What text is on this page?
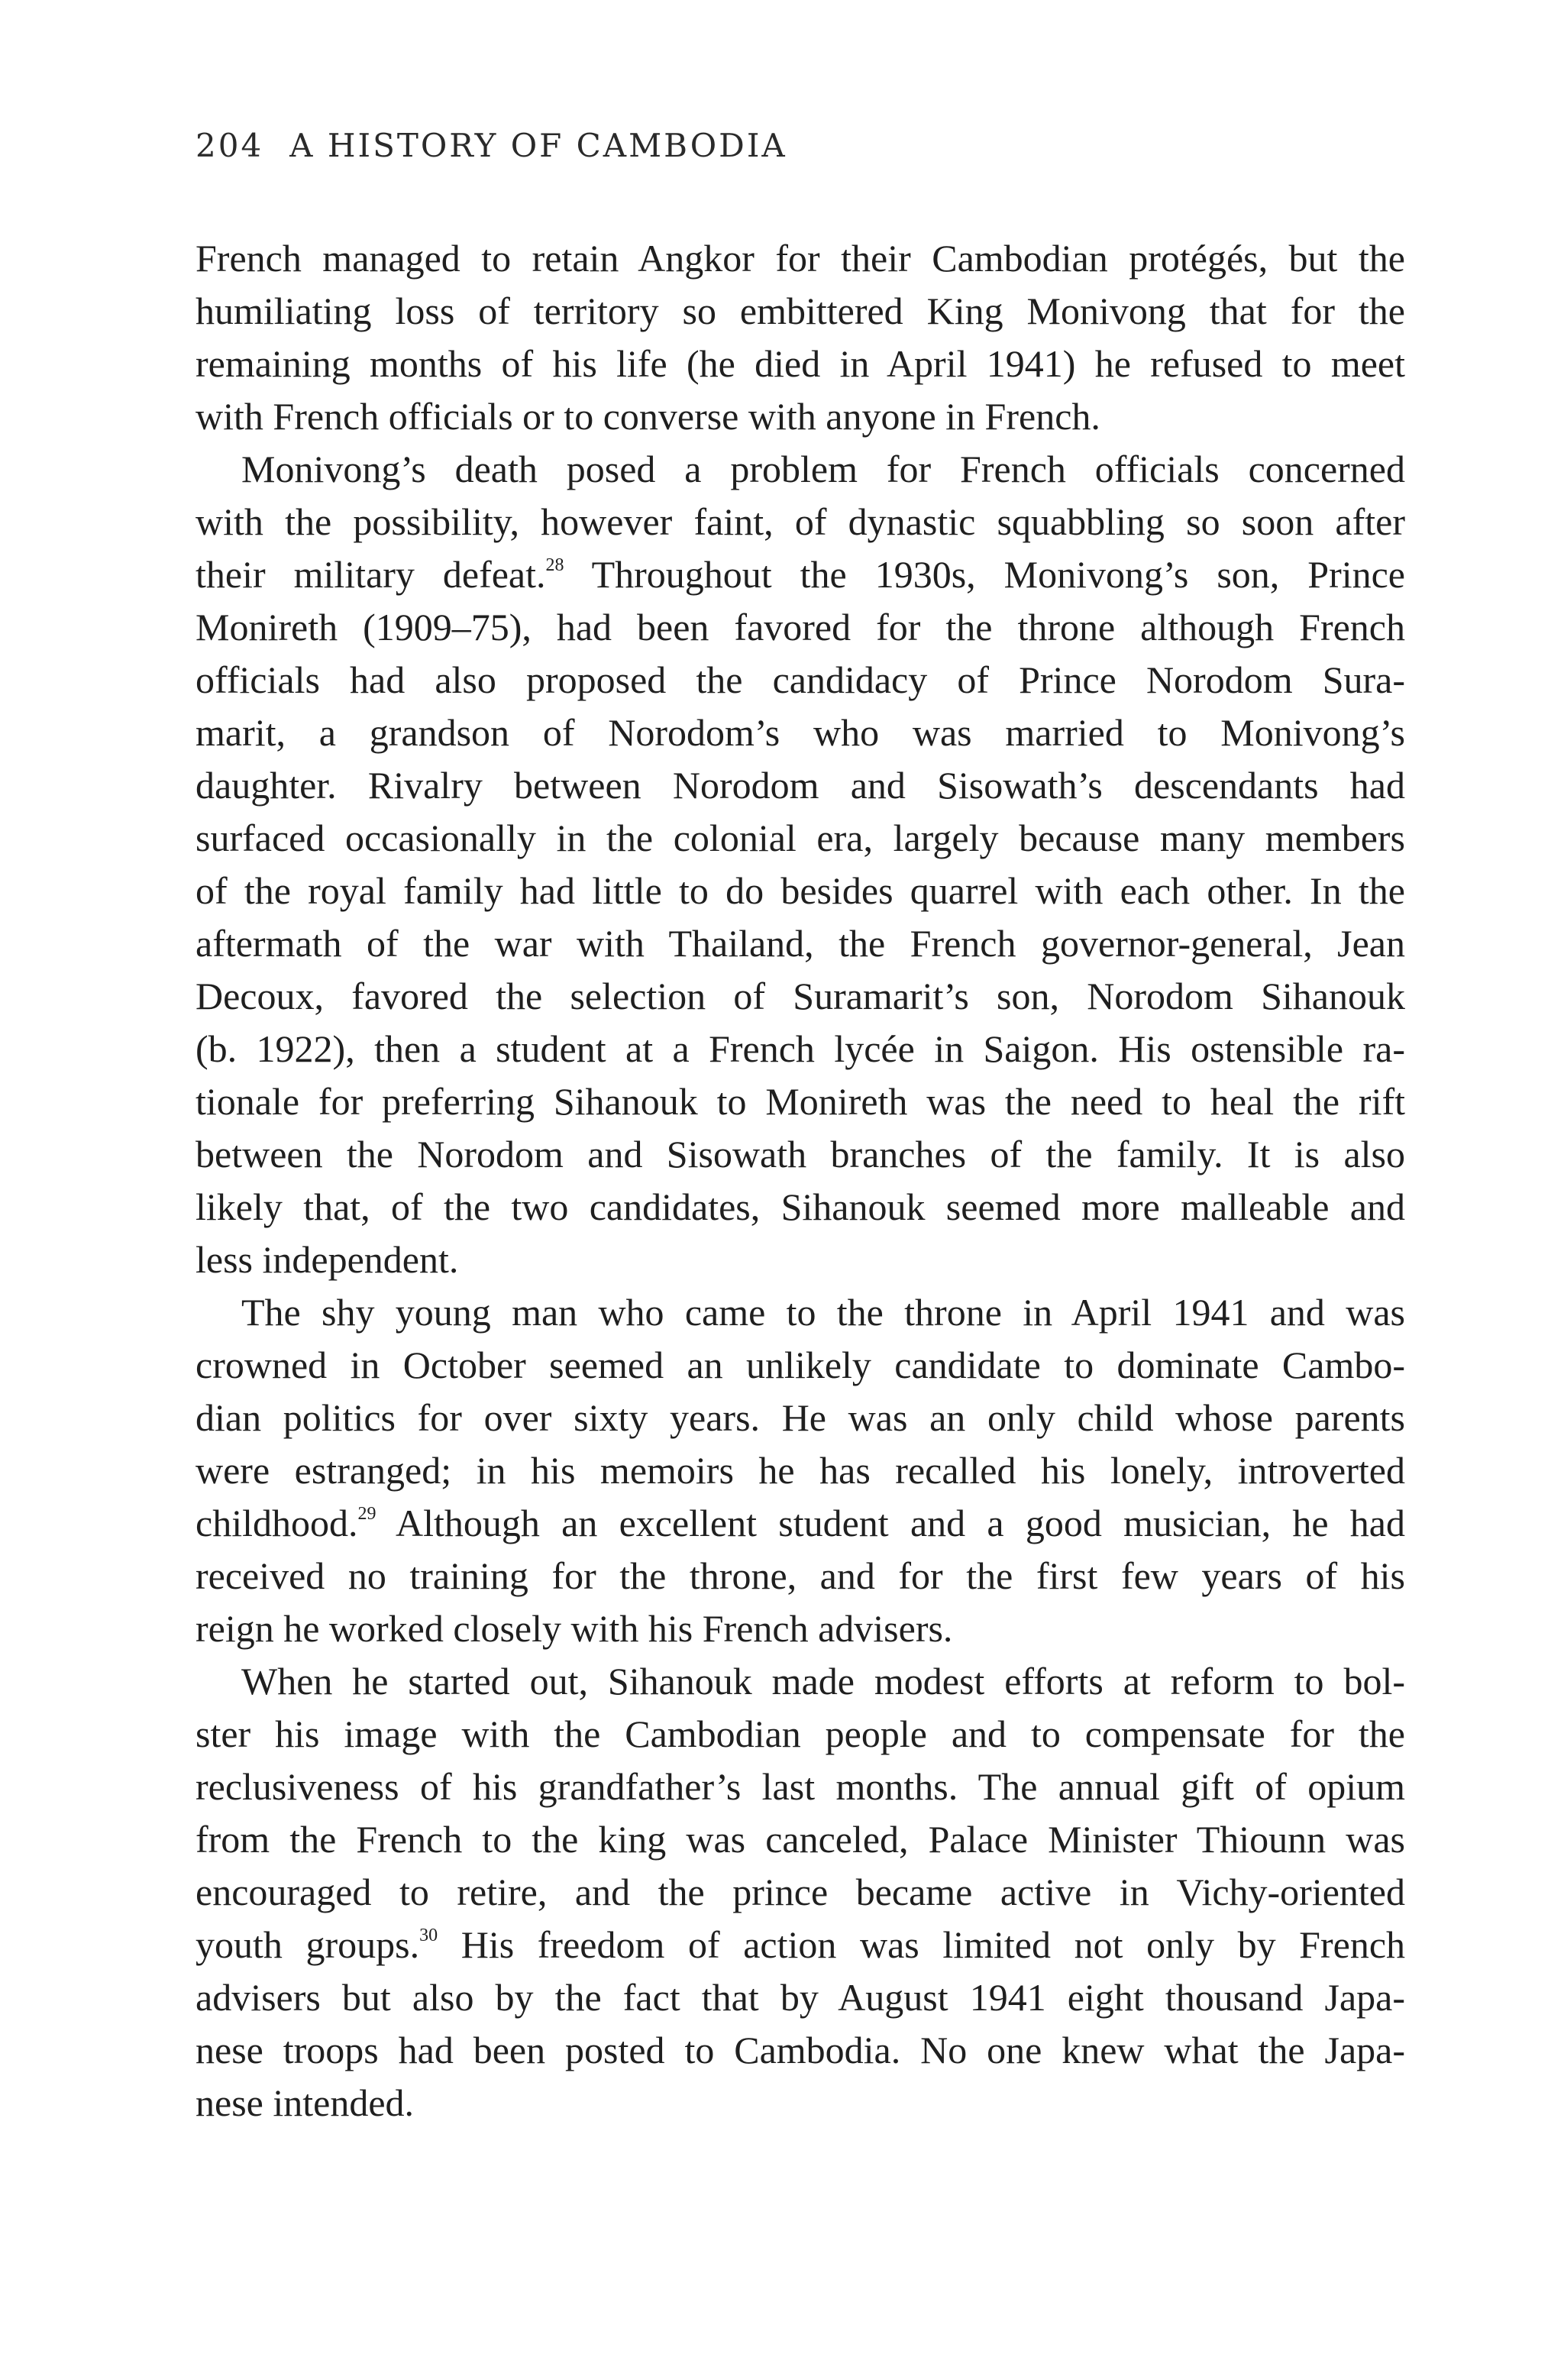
204 A HISTORY OF CAMBODIA
French managed to retain Angkor for their Cambodian protégés, but the
humiliating loss of territory so embittered King Monivong that for the
remaining months of his life (he died in April 1941) he refused to meet
with French officials or to converse with anyone in French.
Monivong’s death posed a problem for French officials concerned
with the possibility, however faint, of dynastic squabbling so soon after
their military defeat.$^{28}$ Throughout the 1930s, Monivong’s son, Prince
Monireth (1909–75), had been favored for the throne although French
officials had also proposed the candidacy of Prince Norodom Sura-
marit, a grandson of Norodom’s who was married to Monivong’s
daughter. Rivalry between Norodom and Sisowath’s descendants had
surfaced occasionally in the colonial era, largely because many members
of the royal family had little to do besides quarrel with each other. In the
aftermath of the war with Thailand, the French governor-general, Jean
Decoux, favored the selection of Suramarit’s son, Norodom Sihanouk
(b. 1922), then a student at a French lycée in Saigon. His ostensible ra-
tionale for preferring Sihanouk to Monireth was the need to heal the rift
between the Norodom and Sisowath branches of the family. It is also
likely that, of the two candidates, Sihanouk seemed more malleable and
less independent.
The shy young man who came to the throne in April 1941 and was
crowned in October seemed an unlikely candidate to dominate Cambo-
dian politics for over sixty years. He was an only child whose parents
were estranged; in his memoirs he has recalled his lonely, introverted
childhood.$^{29}$ Although an excellent student and a good musician, he had
received no training for the throne, and for the first few years of his
reign he worked closely with his French advisers.
When he started out, Sihanouk made modest efforts at reform to bol-
ster his image with the Cambodian people and to compensate for the
reclusiveness of his grandfather’s last months. The annual gift of opium
from the French to the king was canceled, Palace Minister Thiounn was
encouraged to retire, and the prince became active in Vichy-oriented
youth groups.$^{30}$ His freedom of action was limited not only by French
advisers but also by the fact that by August 1941 eight thousand Japa-
nese troops had been posted to Cambodia. No one knew what the Japa-
nese intended.
